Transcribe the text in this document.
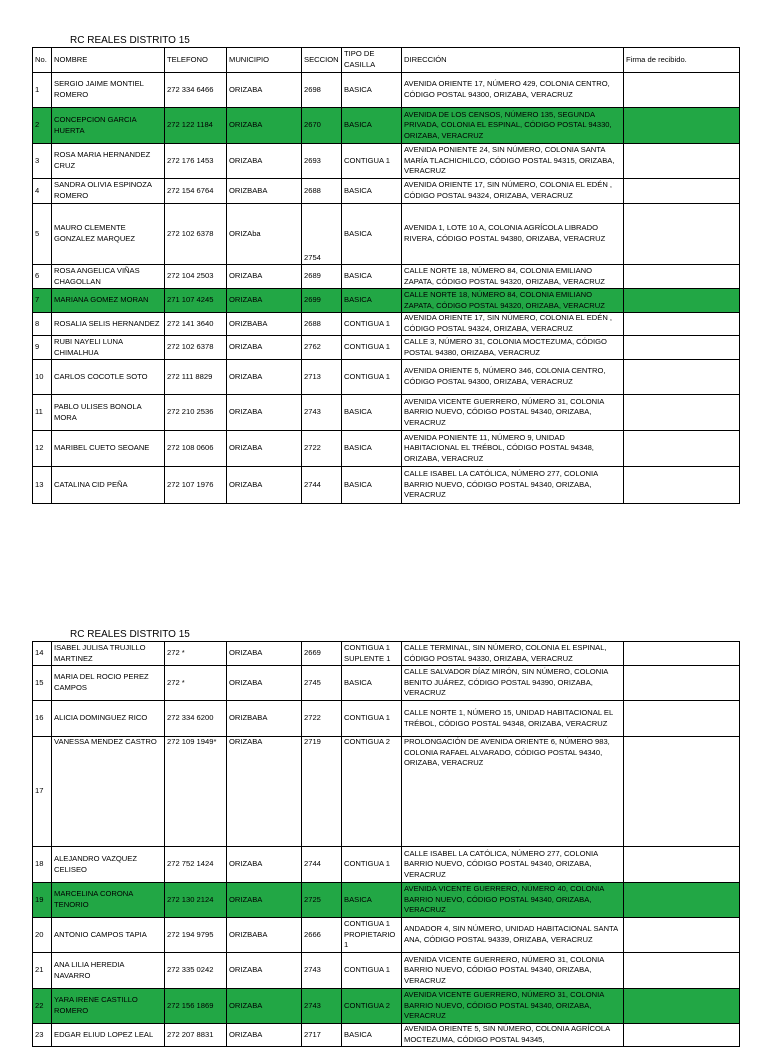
RC REALES DISTRITO 15
No.	NOMBRE	TELEFONO	MUNICIPIO	SECCION	TIPO DE CASILLA	DIRECCIÓN	Firma de recibido.
1	SERGIO JAIME MONTIEL ROMERO	272 334 6466	ORIZABA	2698	BASICA	AVENIDA ORIENTE 17, NÚMERO 429, COLONIA CENTRO, CÓDIGO POSTAL 94300, ORIZABA, VERACRUZ	
2	CONCEPCION GARCIA HUERTA	272 122 1184	ORIZABA	2670	BASICA	AVENIDA DE LOS CENSOS, NÚMERO 135, SEGUNDA PRIVADA, COLONIA EL ESPINAL, CÓDIGO POSTAL 94330, ORIZABA, VERACRUZ	
3	ROSA MARIA HERNANDEZ CRUZ	272 176 1453	ORIZABA	2693	CONTIGUA 1	AVENIDA PONIENTE 24, SIN NÚMERO, COLONIA SANTA MARÍA TLACHICHILCO, CÓDIGO POSTAL 94315, ORIZABA, VERACRUZ	
4	SANDRA OLIVIA ESPINOZA ROMERO	272 154 6764	ORIZBABA	2688	BASICA	AVENIDA ORIENTE 17, SIN NÚMERO, COLONIA EL EDÉN , CÓDIGO POSTAL 94324, ORIZABA, VERACRUZ	
5	MAURO CLEMENTE GONZALEZ MARQUEZ	272 102 6378	ORIZAba	2754	BASICA	AVENIDA 1, LOTE 10 A, COLONIA AGRÍCOLA LIBRADO RIVERA, CÓDIGO POSTAL 94380, ORIZABA, VERACRUZ	
6	ROSA ANGELICA VIÑAS CHAGOLLAN	272 104 2503	ORIZABA	2689	BASICA	CALLE NORTE 18, NÚMERO 84, COLONIA EMILIANO ZAPATA, CÓDIGO POSTAL 94320, ORIZABA, VERACRUZ	
7	MARIANA GOMEZ MORAN	271 107 4245	ORIZABA	2699	BASICA	CALLE NORTE 18, NÚMERO 84, COLONIA EMILIANO ZAPATA, CÓDIGO POSTAL 94320, ORIZABA, VERACRUZ	
8	ROSALIA SELIS HERNANDEZ	272 141 3640	ORIZBABA	2688	CONTIGUA 1	AVENIDA ORIENTE 17, SIN NÚMERO, COLONIA EL EDÉN , CÓDIGO POSTAL 94324, ORIZABA, VERACRUZ	
9	RUBI NAYELI LUNA CHIMALHUA	272 102 6378	ORIZABA	2762	CONTIGUA 1	CALLE 3, NÚMERO 31, COLONIA MOCTEZUMA, CÓDIGO POSTAL 94380, ORIZABA, VERACRUZ	
10	CARLOS COCOTLE SOTO	272 111 8829	ORIZABA	2713	CONTIGUA 1	AVENIDA ORIENTE 5, NÚMERO 346, COLONIA CENTRO, CÓDIGO POSTAL 94300, ORIZABA, VERACRUZ	
11	PABLO ULISES BONOLA MORA	272 210 2536	ORIZABA	2743	BASICA	AVENIDA VICENTE GUERRERO, NÚMERO 31, COLONIA BARRIO NUEVO, CÓDIGO POSTAL 94340, ORIZABA, VERACRUZ	
12	MARIBEL CUETO SEOANE	272 108 0606	ORIZABA	2722	BASICA	AVENIDA PONIENTE 11, NÚMERO 9, UNIDAD HABITACIONAL EL TRÉBOL, CÓDIGO POSTAL 94348, ORIZABA, VERACRUZ	
13	CATALINA CID PEÑA	272 107 1976	ORIZABA	2744	BASICA	CALLE ISABEL LA CATÓLICA, NÚMERO 277, COLONIA BARRIO NUEVO, CÓDIGO POSTAL 94340, ORIZABA, VERACRUZ	
RC REALES DISTRITO 15
14	ISABEL JULISA TRUJILLO MARTINEZ	272 *	ORIZABA	2669	CONTIGUA 1 SUPLENTE 1	CALLE TERMINAL, SIN NÚMERO, COLONIA EL ESPINAL, CÓDIGO POSTAL 94330, ORIZABA, VERACRUZ	
15	MARIA DEL ROCIO PEREZ CAMPOS	272 *	ORIZABA	2745	BASICA	CALLE SALVADOR DÍAZ MIRÓN, SIN NÚMERO, COLONIA BENITO JUÁREZ, CÓDIGO POSTAL 94390, ORIZABA, VERACRUZ	
16	ALICIA DOMINGUEZ RICO	272 334 6200	ORIZBABA	2722	CONTIGUA 1	CALLE NORTE 1, NÚMERO 15, UNIDAD HABITACIONAL EL TRÉBOL, CÓDIGO POSTAL 94348, ORIZABA, VERACRUZ	
17	VANESSA MENDEZ CASTRO	272 109 1949*	ORIZABA	2719	CONTIGUA 2	PROLONGACIÓN DE AVENIDA ORIENTE 6, NÚMERO 983, COLONIA RAFAEL ALVARADO, CÓDIGO POSTAL 94340, ORIZABA, VERACRUZ	
18	ALEJANDRO VAZQUEZ CELISEO	272 752 1424	ORIZABA	2744	CONTIGUA 1	CALLE ISABEL LA CATÓLICA, NÚMERO 277, COLONIA BARRIO NUEVO, CÓDIGO POSTAL 94340, ORIZABA, VERACRUZ	
19	MARCELINA CORONA TENORIO	272 130 2124	ORIZABA	2725	BASICA	AVENIDA VICENTE GUERRERO, NÚMERO 40, COLONIA BARRIO NUEVO, CÓDIGO POSTAL 94340, ORIZABA, VERACRUZ	
20	ANTONIO CAMPOS TAPIA	272 194 9795	ORIZBABA	2666	CONTIGUA 1 PROPIETARIO 1	ANDADOR 4, SIN NÚMERO, UNIDAD HABITACIONAL SANTA ANA, CÓDIGO POSTAL 94339, ORIZABA, VERACRUZ	
21	ANA LILIA HEREDIA NAVARRO	272 335 0242	ORIZABA	2743	CONTIGUA 1	AVENIDA VICENTE GUERRERO, NÚMERO 31, COLONIA BARRIO NUEVO, CÓDIGO POSTAL 94340, ORIZABA, VERACRUZ	
22	YARA IRENE CASTILLO ROMERO	272 156 1869	ORIZABA	2743	CONTIGUA 2	AVENIDA VICENTE GUERRERO, NÚMERO 31, COLONIA BARRIO NUEVO, CÓDIGO POSTAL 94340, ORIZABA, VERACRUZ	
23	EDGAR ELIUD LOPEZ LEAL	272 207 8831	ORIZABA	2717	BASICA	AVENIDA ORIENTE 5, SIN NÚMERO, COLONIA AGRÍCOLA MOCTEZUMA, CÓDIGO POSTAL 94345,	
